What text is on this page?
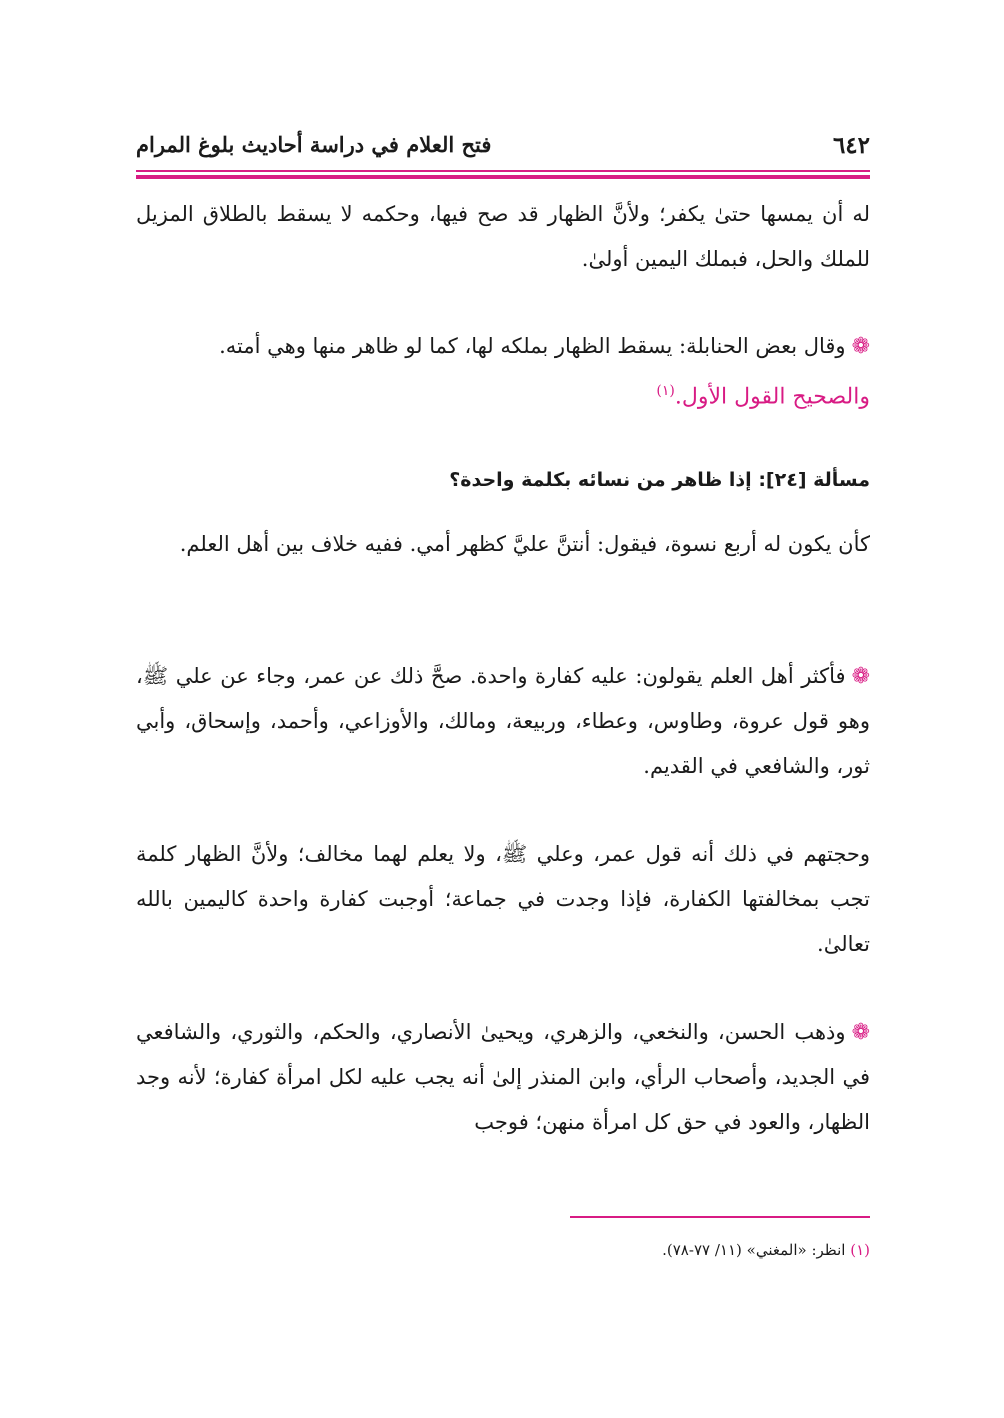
٦٤٢
فتح العلام في دراسة أحاديث بلوغ المرام

له أن يمسها حتىٰ يكفر؛ ولأنَّ الظهار قد صح فيها، وحكمه لا يسقط بالطلاق المزيل للملك والحل، فبملك اليمين أولىٰ.

❁وقال بعض الحنابلة: يسقط الظهار بملكه لها، كما لو ظاهر منها وهي أمته.

والصحيح القول الأول.$^{(١)}$

مسألة [٢٤]: إذا ظاهر من نسائه بكلمة واحدة؟

كأن يكون له أربع نسوة، فيقول: أنتنَّ عليَّ كظهر أمي. ففيه خلاف بين أهل العلم.

❁فأكثر أهل العلم يقولون: عليه كفارة واحدة. صحَّ ذلك عن عمر، وجاء عن علي ﷺ، وهو قول عروة، وطاوس، وعطاء، وربيعة، ومالك، والأوزاعي، وأحمد، وإسحاق، وأبي ثور، والشافعي في القديم.

وحجتهم في ذلك أنه قول عمر، وعلي ﷺ، ولا يعلم لهما مخالف؛ ولأنَّ الظهار كلمة تجب بمخالفتها الكفارة، فإذا وجدت في جماعة؛ أوجبت كفارة واحدة كاليمين بالله تعالىٰ.

❁وذهب الحسن، والنخعي، والزهري، ويحيىٰ الأنصاري، والحكم، والثوري، والشافعي في الجديد، وأصحاب الرأي، وابن المنذر إلىٰ أنه يجب عليه لكل امرأة كفارة؛ لأنه وجد الظهار، والعود في حق كل امرأة منهن؛ فوجب

(١) انظر: «المغني» (١١/ ٧٧-٧٨).
